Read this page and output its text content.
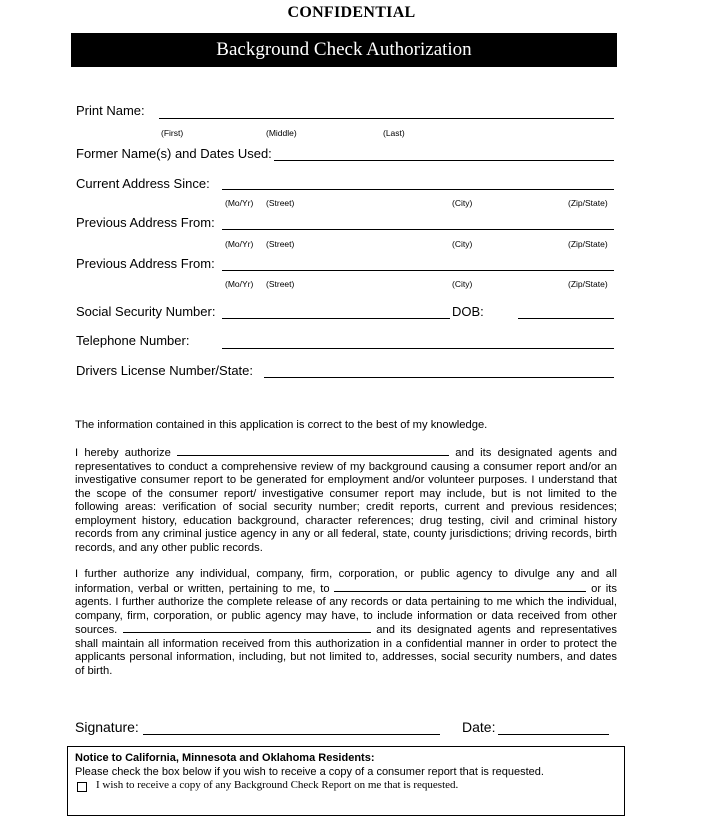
CONFIDENTIAL
Background Check Authorization
Print Name:
(First)	(Middle)	(Last)
Former Name(s) and Dates Used:
Current Address Since:
(Mo/Yr) (Street)	(City)	(Zip/State)
Previous Address From:
(Mo/Yr) (Street)	(City)	(Zip/State)
Previous Address From:
(Mo/Yr) (Street)	(City)	(Zip/State)
Social Security Number:	DOB:
Telephone Number:
Drivers License Number/State:
The information contained in this application is correct to the best of my knowledge.
I hereby authorize	and its designated agents and representatives to conduct a comprehensive review of my background causing a consumer report and/or an investigative consumer report to be generated for employment and/or volunteer purposes. I understand that the scope of the consumer report/ investigative consumer report may include, but is not limited to the following areas: verification of social security number; credit reports, current and previous residences; employment history, education background, character references; drug testing, civil and criminal history records from any criminal justice agency in any or all federal, state, county jurisdictions; driving records, birth records, and any other public records.
I further authorize any individual, company, firm, corporation, or public agency to divulge any and all information, verbal or written, pertaining to me, to	or its agents. I further authorize the complete release of any records or data pertaining to me which the individual, company, firm, corporation, or public agency may have, to include information or data received from other sources.	and its designated agents and representatives shall maintain all information received from this authorization in a confidential manner in order to protect the applicants personal information, including, but not limited to, addresses, social security numbers, and dates of birth.
Signature:	Date:
Notice to California, Minnesota and Oklahoma Residents:
Please check the box below if you wish to receive a copy of a consumer report that is requested.
I wish to receive a copy of any Background Check Report on me that is requested.
